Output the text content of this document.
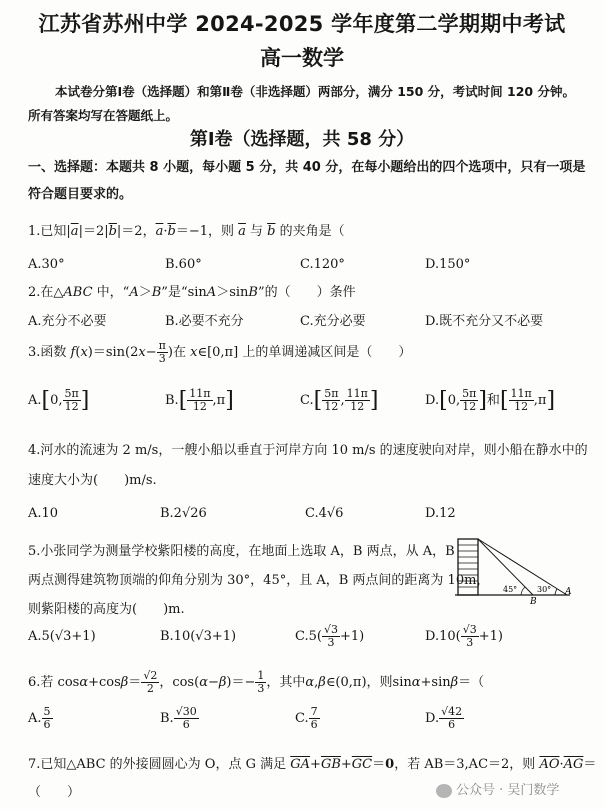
江苏省苏州中学 2024-2025 学年度第二学期期中考试
高一数学
本试卷分第Ⅰ卷（选择题）和第Ⅱ卷（非选择题）两部分，满分 150 分，考试时间 120 分钟。
所有答案均写在答题纸上。
第Ⅰ卷（选择题，共 58 分）
一、选择题：本题共 8 小题，每小题 5 分，共 40 分，在每小题给出的四个选项中，只有一项是
符合题目要求的。
1.已知$|\overline{a}|=2|\overline{b}|=2$，$\overline{a}\cdot\overline{b}=-1$，则 $\overline{a}$ 与 $\overline{b}$ 的夹角是（　　
A.30°	B.60°	C.120°	D.150°
2.在△ABC 中，“A＞B”是“sinA＞sinB”的（　　）条件
A.充分不必要	B.必要不充分	C.充分必要	D.既不充分又不必要
3.函数 $f(x)=\sin(2x- \frac{\pi}{3}$ )在 x∈[0,π] 上的单调递减区间是（　　）
A.[0, $\frac{5\pi}{12}$ ]	$B.[ \frac{11\pi}{12} ,\pi]$	$C.[ \frac{5\pi}{12}$ , $\frac{11\pi}{12}$ ]	D.[0, $\frac{5\pi}{12}$ ]和[ $\frac{11\pi}{12} ,\pi$]
4.河水的流速为 2 m/s，一艘小船以垂直于河岸方向 10 m/s 的速度驶向对岸，则小船在静水中的
速度大小为(　　)m/s.
A.10	B.2√26	C.4√6	D.12
5.小张同学为测量学校紫阳楼的高度，在地面上选取 A，B 两点，从 A，B
两点测得建筑物顶端的仰角分别为 30°，45°，且 A，B 两点间的距离为 10m，
则紫阳楼的高度为(　　)m.
45° 30° A
B
A.5(√3+1)	B.10(√3+1)	$C.5( \frac{√3}{3} +1)$	$D.10( \frac{√3}{3} +1)$
6.若 $\cos\alpha+\cos\beta= \frac{√2}{2}$ ，$\cos(\alpha-\beta)=- \frac{1}{3}$ ，其中α,β∈(0,π)，则sinα+sinβ＝（
A. $\frac{5}{6}$	B. $\frac{√30}{6}$	C. $\frac{7}{6}$	D. $\frac{√42}{6}$
7.已知△ABC 的外接圆圆心为 O，点 G 满足 $\overline{GA}+\overline{GB}+\overline{GC}=0$，若 AB＝3,AC＝2，则 $\overline{AO}\cdot\overline{AG}=$
（　　）	公众号 · 吴门数学
